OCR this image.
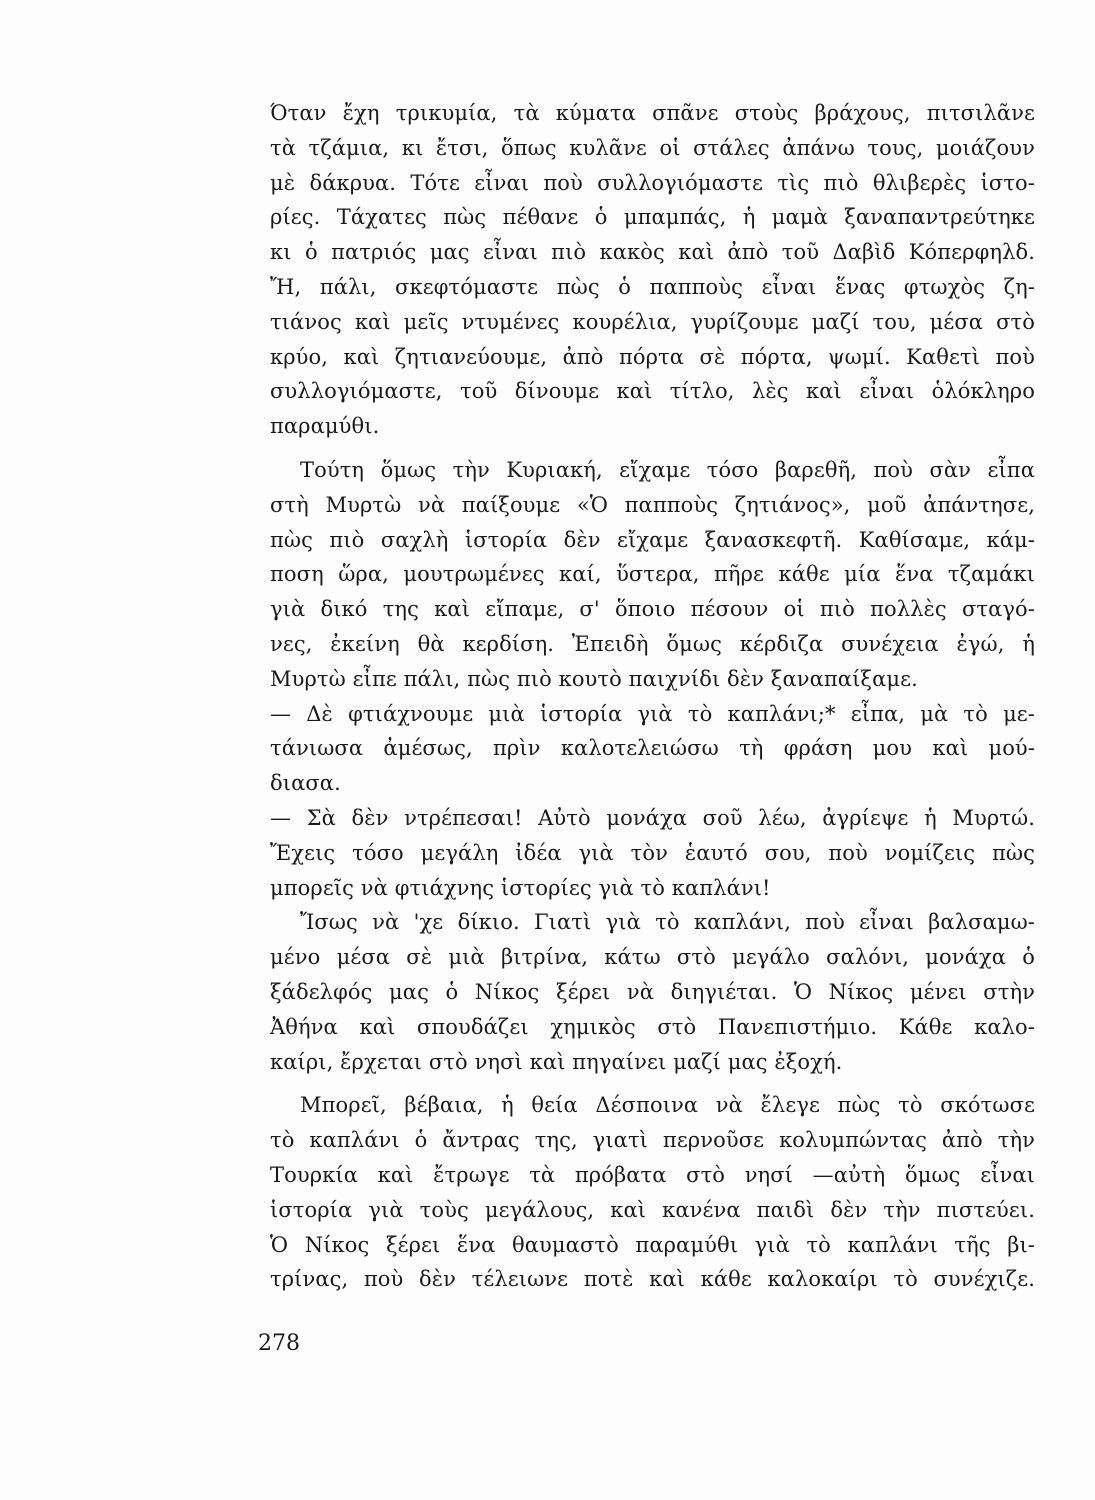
Όταν ἔχη τρικυμία, τὰ κύματα σπᾶνε στοὺς βράχους, πιτσιλᾶνε
τὰ τζάμια, κι ἔτσι, ὅπως κυλᾶνε οἱ στάλες ἀπάνω τους, μοιάζουν
μὲ δάκρυα. Τότε εἶναι ποὺ συλλογιόμαστε τὶς πιὸ θλιβερὲς ἱστο-
ρίες. Τάχατες πὼς πέθανε ὁ μπαμπάς, ἡ μαμὰ ξαναπαντρεύτηκε
κι ὁ πατριός μας εἶναι πιὸ κακὸς καὶ ἀπὸ τοῦ Δαβὶδ Κόπερφηλδ.
Ἤ, πάλι, σκεφτόμαστε πὼς ὁ παπποὺς εἶναι ἕνας φτωχὸς ζη-
τιάνος καὶ μεῖς ντυμένες κουρέλια, γυρίζουμε μαζί του, μέσα στὸ
κρύο, καὶ ζητιανεύουμε, ἀπὸ πόρτα σὲ πόρτα, ψωμί. Καθετὶ ποὺ
συλλογιόμαστε, τοῦ δίνουμε καὶ τίτλο, λὲς καὶ εἶναι ὁλόκληρο
παραμύθι.
Τούτη ὅμως τὴν Κυριακή, εἴχαμε τόσο βαρεθῆ, ποὺ σὰν εἶπα
στὴ Μυρτὼ νὰ παίξουμε «Ὁ παπποὺς ζητιάνος», μοῦ ἀπάντησε,
πὼς πιὸ σαχλὴ ἱστορία δὲν εἴχαμε ξανασκεφτῆ. Καθίσαμε, κάμ-
ποση ὥρα, μουτρωμένες καί, ὕστερα, πῆρε κάθε μία ἕνα τζαμάκι
γιὰ δικό της καὶ εἴπαμε, σ' ὅποιο πέσουν οἱ πιὸ πολλὲς σταγό-
νες, ἐκείνη θὰ κερδίση. Ἐπειδὴ ὅμως κέρδιζα συνέχεια ἐγώ, ἡ
Μυρτὼ εἶπε πάλι, πὼς πιὸ κουτὸ παιχνίδι δὲν ξαναπαίξαμε.
— Δὲ φτιάχνουμε μιὰ ἱστορία γιὰ τὸ καπλάνι;* εἶπα, μὰ τὸ με-
τάνιωσα ἀμέσως, πρὶν καλοτελειώσω τὴ φράση μου καὶ μού-
διασα.
— Σὰ δὲν ντρέπεσαι! Αὐτὸ μονάχα σοῦ λέω, ἀγρίεψε ἡ Μυρτώ.
Ἔχεις τόσο μεγάλη ἰδέα γιὰ τὸν ἑαυτό σου, ποὺ νομίζεις πὼς
μπορεῖς νὰ φτιάχνης ἱστορίες γιὰ τὸ καπλάνι!
Ἴσως νὰ 'χε δίκιο. Γιατὶ γιὰ τὸ καπλάνι, ποὺ εἶναι βαλσαμω-
μένο μέσα σὲ μιὰ βιτρίνα, κάτω στὸ μεγάλο σαλόνι, μονάχα ὁ
ξάδελφός μας ὁ Νίκος ξέρει νὰ διηγιέται. Ὁ Νίκος μένει στὴν
Ἀθήνα καὶ σπουδάζει χημικὸς στὸ Πανεπιστήμιο. Κάθε καλο-
καίρι, ἔρχεται στὸ νησὶ καὶ πηγαίνει μαζί μας ἐξοχή.
Μπορεῖ, βέβαια, ἡ θεία Δέσποινα νὰ ἔλεγε πὼς τὸ σκότωσε
τὸ καπλάνι ὁ ἄντρας της, γιατὶ περνοῦσε κολυμπώντας ἀπὸ τὴν
Τουρκία καὶ ἔτρωγε τὰ πρόβατα στὸ νησί —αὐτὴ ὅμως εἶναι
ἱστορία γιὰ τοὺς μεγάλους, καὶ κανένα παιδὶ δὲν τὴν πιστεύει.
Ὁ Νίκος ξέρει ἕνα θαυμαστὸ παραμύθι γιὰ τὸ καπλάνι τῆς βι-
τρίνας, ποὺ δὲν τέλειωνε ποτὲ καὶ κάθε καλοκαίρι τὸ συνέχιζε.
278
